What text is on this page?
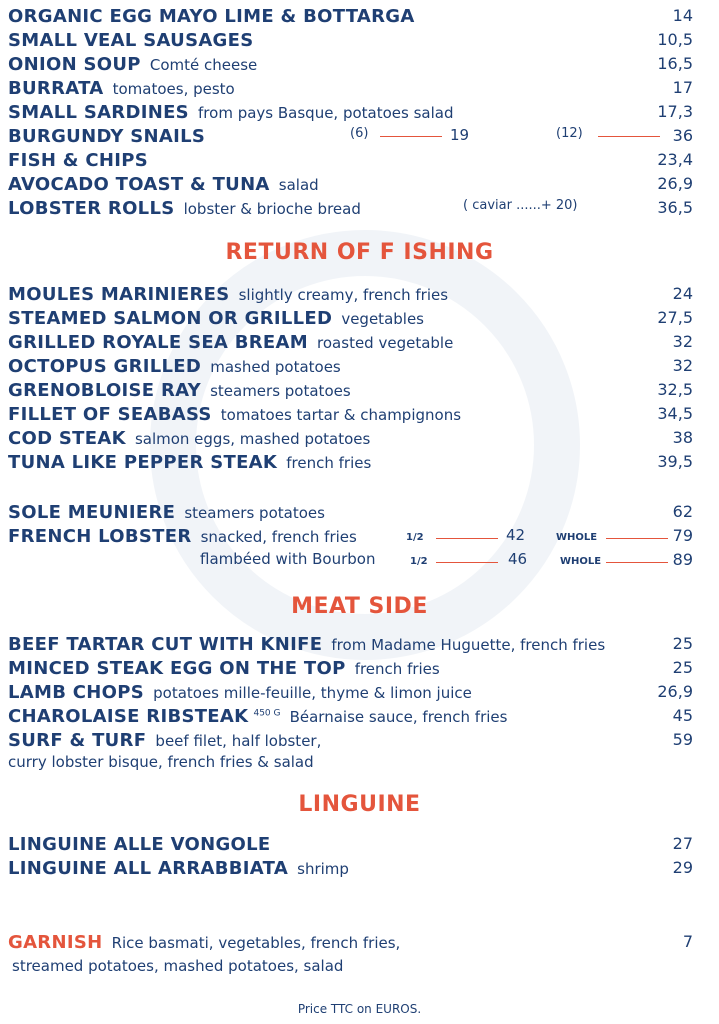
ORGANIC EGG MAYO LIME & BOTTARGA	14
SMALL VEAL SAUSAGES	10,5
ONION SOUP Comté cheese	16,5
BURRATA tomatoes, pesto	17
SMALL SARDINES from pays Basque, potatoes salad	17,3
BURGUNDY SNAILS	(6)	19	(12)	36
FISH & CHIPS	23,4
AVOCADO TOAST & TUNA salad	26,9
LOBSTER ROLLS lobster & brioche bread	( caviar ......+ 20)	36,5
RETURN OF F ISHING
MOULES MARINIERES slightly creamy, french fries	24
STEAMED SALMON OR GRILLED vegetables	27,5
GRILLED ROYALE SEA BREAM roasted vegetable	32
OCTOPUS GRILLED mashed potatoes	32
GRENOBLOISE RAY steamers potatoes	32,5
FILLET OF SEABASS tomatoes tartar & champignons	34,5
COD STEAK salmon eggs, mashed potatoes	38
TUNA LIKE PEPPER STEAK french fries	39,5
SOLE MEUNIERE steamers potatoes	62
FRENCH LOBSTER snacked, french fries	1/2	42	WHOLE	79
flambéed with Bourbon	1/2	46	WHOLE	89
MEAT SIDE
BEEF TARTAR CUT WITH KNIFE from Madame Huguette, french fries	25
MINCED STEAK EGG ON THE TOP french fries	25
LAMB CHOPS potatoes mille-feuille, thyme & limon juice	26,9
CHAROLAISE RIBSTEAK $^{450 G}$ Béarnaise sauce, french fries	45
SURF & TURF beef filet, half lobster,	59
curry lobster bisque, french fries & salad
LINGUINE
LINGUINE ALLE VONGOLE	27
LINGUINE ALL ARRABBIATA shrimp	29
GARNISH Rice basmati, vegetables, french fries,	7
streamed potatoes, mashed potatoes, salad
Price TTC on EUROS.
